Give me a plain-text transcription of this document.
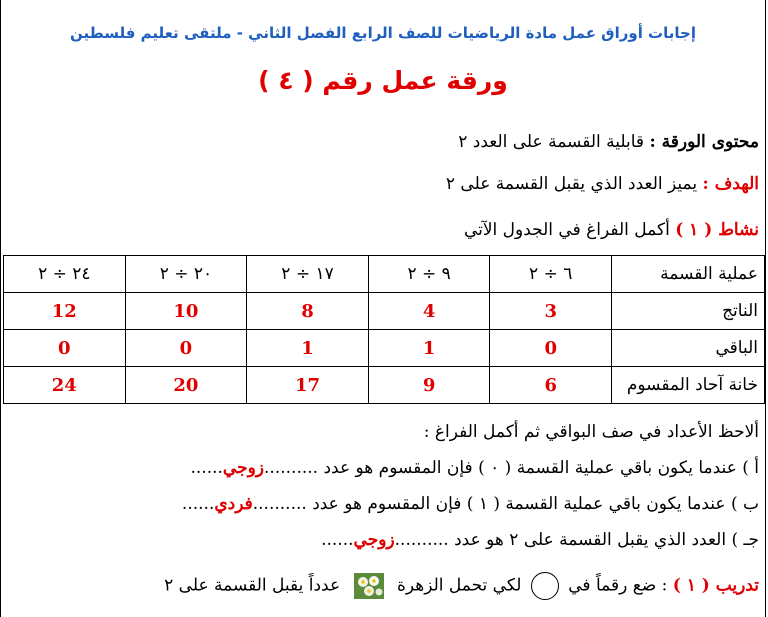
إجابات أوراق عمل مادة الرياضيات للصف الرابع الفصل الثاني - ملتقى تعليم فلسطين
ورقة عمل رقم ( ٤ )
محتوى الورقة : قابلية القسمة على العدد ٢
الهدف : يميز العدد الذي يقبل القسمة على ٢
نشاط ( ١ ) أكمل الفراغ في الجدول الآتي
عملية القسمة	٦ ÷ ٢	٩ ÷ ٢	١٧ ÷ ٢	٢٠ ÷ ٢	٢٤ ÷ ٢
الناتج	3	4	8	10	12
الباقي	0	1	1	0	0
خانة آحاد المقسوم	6	9	17	20	24
ألاحظ الأعداد في صف البواقي ثم أكمل الفراغ :
أ ) عندما يكون باقي عملية القسمة ( ٠ ) فإن المقسوم هو عدد ..........زوجي......
ب ) عندما يكون باقي عملية القسمة ( ١ ) فإن المقسوم هو عدد ..........فردي......
جـ ) العدد الذي يقبل القسمة على ٢ هو عدد ..........زوجي......
تدريب ( ١ ) : ضع رقماً في  لكي تحمل الزهرة  عدداً يقبل القسمة على ٢
